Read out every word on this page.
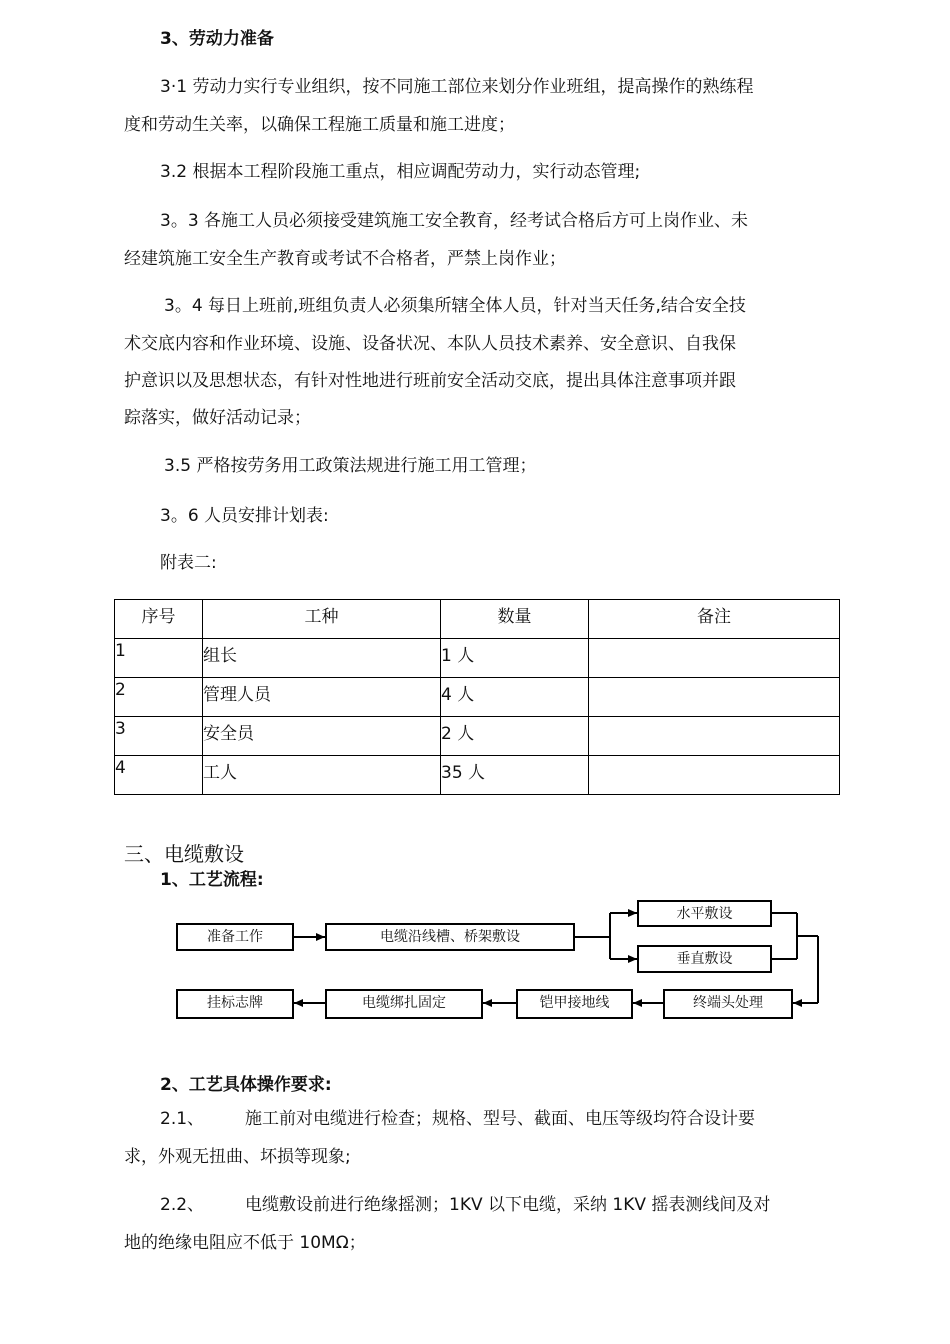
3、劳动力准备
3·1 劳动力实行专业组织，按不同施工部位来划分作业班组，提高操作的熟练程
度和劳动生关率，以确保工程施工质量和施工进度；
3.2 根据本工程阶段施工重点，相应调配劳动力，实行动态管理;
3。3 各施工人员必须接受建筑施工安全教育，经考试合格后方可上岗作业、未
经建筑施工安全生产教育或考试不合格者，严禁上岗作业；
3。4 每日上班前,班组负责人必须集所辖全体人员，针对当天任务,结合安全技
术交底内容和作业环境、设施、设备状况、本队人员技术素养、安全意识、自我保
护意识以及思想状态，有针对性地进行班前安全活动交底，提出具体注意事项并跟
踪落实，做好活动记录；
3.5 严格按劳务用工政策法规进行施工用工管理；
3。6 人员安排计划表:
附表二:
序号	工种	数量	备注

1	组长	1 人	

2	管理人员	4 人	

3	安全员	2 人	

4	工人	35 人	

三、电缆敷设
1、工艺流程:
准备工作	电缆沿线槽、桥架敷设
水平敷设
垂直敷设
终端头处理
铠甲接地线
电缆绑扎固定
挂标志牌
2、工艺具体操作要求:
2.1、 施工前对电缆进行检查；规格、型号、截面、电压等级均符合设计要
求，外观无扭曲、坏损等现象;
2.2、 电缆敷设前进行绝缘摇测；1KV 以下电缆，采纳 1KV 摇表测线间及对
地的绝缘电阻应不低于 10MΩ；
